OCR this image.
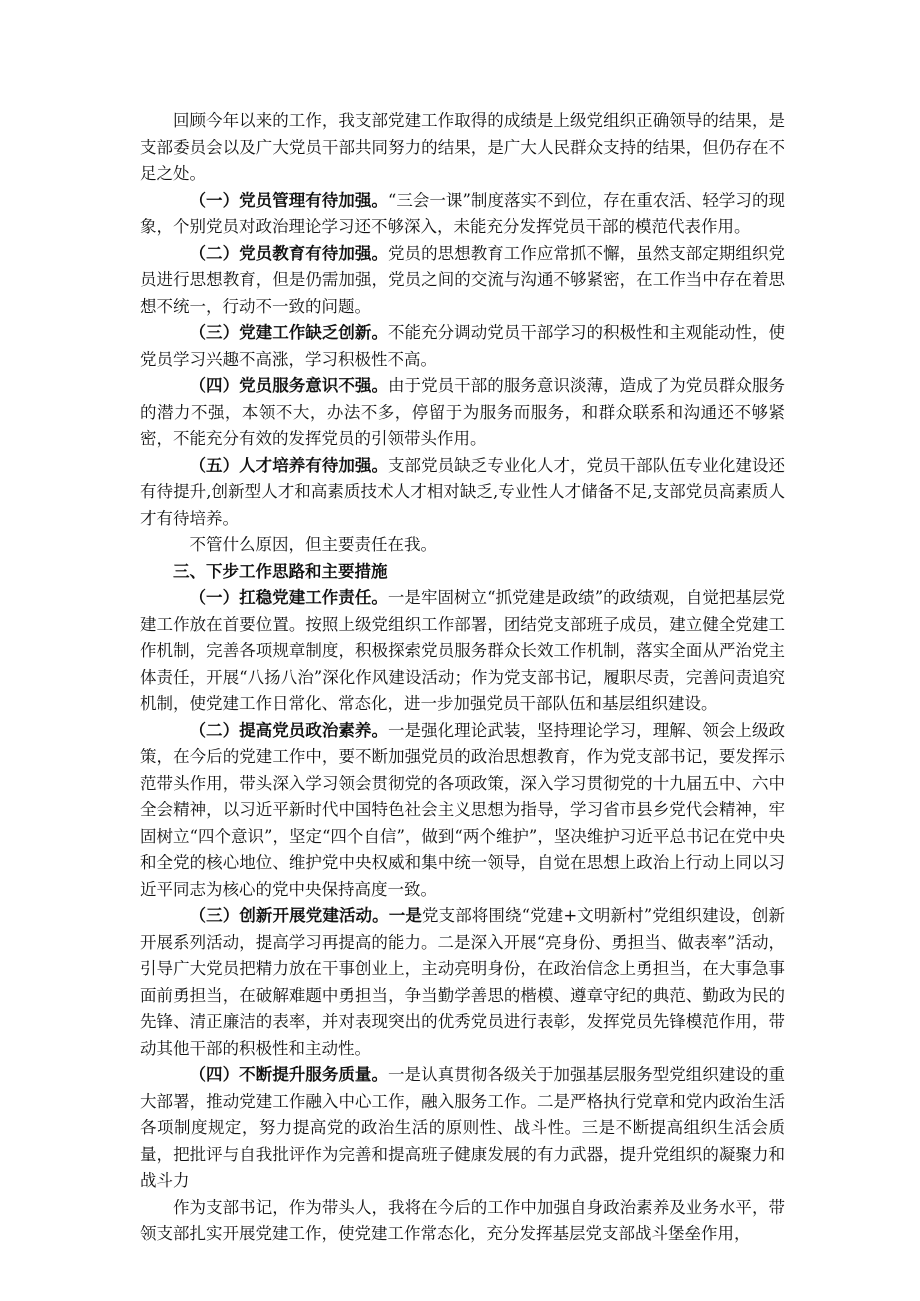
回顾今年以来的工作，我支部党建工作取得的成绩是上级党组织正确领导的结果，是支部委员会以及广大党员干部共同努力的结果，是广大人民群众支持的结果，但仍存在不足之处。

（一）党员管理有待加强。“三会一课”制度落实不到位，存在重农活、轻学习的现象，个别党员对政治理论学习还不够深入，未能充分发挥党员干部的模范代表作用。

（二）党员教育有待加强。党员的思想教育工作应常抓不懈，虽然支部定期组织党员进行思想教育，但是仍需加强，党员之间的交流与沟通不够紧密，在工作当中存在着思想不统一，行动不一致的问题。

（三）党建工作缺乏创新。不能充分调动党员干部学习的积极性和主观能动性，使党员学习兴趣不高涨，学习积极性不高。

（四）党员服务意识不强。由于党员干部的服务意识淡薄，造成了为党员群众服务的潜力不强，本领不大，办法不多，停留于为服务而服务，和群众联系和沟通还不够紧密，不能充分有效的发挥党员的引领带头作用。

（五）人才培养有待加强。支部党员缺乏专业化人才，党员干部队伍专业化建设还有待提升,创新型人才和高素质技术人才相对缺乏,专业性人才储备不足,支部党员高素质人才有待培养。

不管什么原因，但主要责任在我。

三、下步工作思路和主要措施

（一）扛稳党建工作责任。一是牢固树立“抓党建是政绩”的政绩观，自觉把基层党建工作放在首要位置。按照上级党组织工作部署，团结党支部班子成员，建立健全党建工作机制，完善各项规章制度，积极探索党员服务群众长效工作机制，落实全面从严治党主体责任，开展“八扬八治”深化作风建设活动；作为党支部书记，履职尽责，完善问责追究机制，使党建工作日常化、常态化，进一步加强党员干部队伍和基层组织建设。

（二）提高党员政治素养。一是强化理论武装，坚持理论学习，理解、领会上级政策，在今后的党建工作中，要不断加强党员的政治思想教育，作为党支部书记，要发挥示范带头作用，带头深入学习领会贯彻党的各项政策，深入学习贯彻党的十九届五中、六中全会精神，以习近平新时代中国特色社会主义思想为指导，学习省市县乡党代会精神，牢固树立“四个意识”，坚定“四个自信”，做到“两个维护”，坚决维护习近平总书记在党中央和全党的核心地位、维护党中央权威和集中统一领导，自觉在思想上政治上行动上同以习近平同志为核心的党中央保持高度一致。

（三）创新开展党建活动。一是党支部将围绕“党建+文明新村”党组织建设，创新开展系列活动，提高学习再提高的能力。二是深入开展“亮身份、勇担当、做表率”活动，引导广大党员把精力放在干事创业上，主动亮明身份，在政治信念上勇担当，在大事急事面前勇担当，在破解难题中勇担当，争当勤学善思的楷模、遵章守纪的典范、勤政为民的先锋、清正廉洁的表率，并对表现突出的优秀党员进行表彰，发挥党员先锋模范作用，带动其他干部的积极性和主动性。

（四）不断提升服务质量。一是认真贯彻各级关于加强基层服务型党组织建设的重大部署，推动党建工作融入中心工作，融入服务工作。二是严格执行党章和党内政治生活各项制度规定，努力提高党的政治生活的原则性、战斗性。三是不断提高组织生活会质量，把批评与自我批评作为完善和提高班子健康发展的有力武器，提升党组织的凝聚力和战斗力

作为支部书记，作为带头人，我将在今后的工作中加强自身政治素养及业务水平，带领支部扎实开展党建工作，使党建工作常态化，充分发挥基层党支部战斗堡垒作用，
